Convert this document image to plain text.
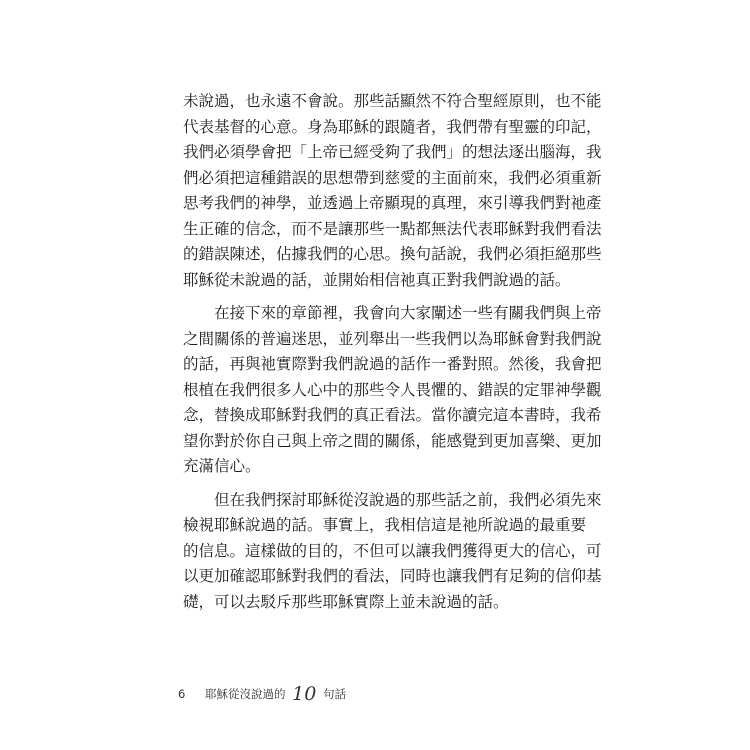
未說過，也永遠不會說。那些話顯然不符合聖經原則，也不能
代表基督的心意。身為耶穌的跟隨者，我們帶有聖靈的印記，
我們必須學會把「上帝已經受夠了我們」的想法逐出腦海，我
們必須把這種錯誤的思想帶到慈愛的主面前來，我們必須重新
思考我們的神學，並透過上帝顯現的真理，來引導我們對祂產
生正確的信念，而不是讓那些一點都無法代表耶穌對我們看法
的錯誤陳述，佔據我們的心思。換句話說，我們必須拒絕那些
耶穌從未說過的話，並開始相信祂真正對我們說過的話。
在接下來的章節裡，我會向大家闡述一些有關我們與上帝
之間關係的普遍迷思，並列舉出一些我們以為耶穌會對我們說
的話，再與祂實際對我們說過的話作一番對照。然後，我會把
根植在我們很多人心中的那些令人畏懼的、錯誤的定罪神學觀
念，替換成耶穌對我們的真正看法。當你讀完這本書時，我希
望你對於你自己與上帝之間的關係，能感覺到更加喜樂、更加
充滿信心。
但在我們探討耶穌從沒說過的那些話之前，我們必須先來
檢視耶穌說過的話。事實上，我相信這是祂所說過的最重要
的信息。這樣做的目的，不但可以讓我們獲得更大的信心，可
以更加確認耶穌對我們的看法，同時也讓我們有足夠的信仰基
礎，可以去駁斥那些耶穌實際上並未說過的話。
6 耶穌從沒說過的 10 句話
